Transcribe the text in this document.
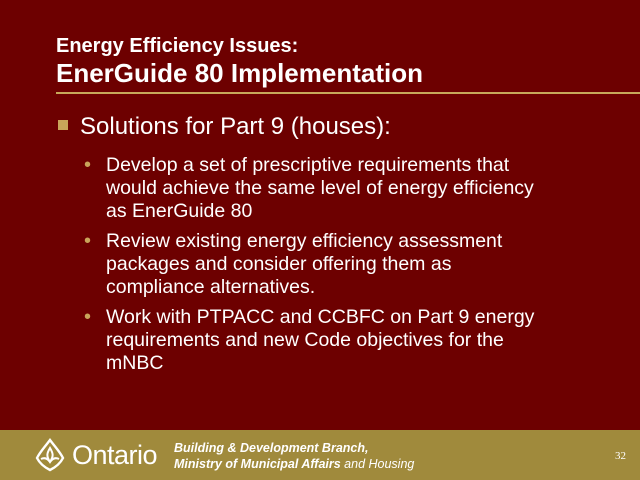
Energy Efficiency Issues:
EnerGuide 80 Implementation
Solutions for Part 9 (houses):
• Develop a set of prescriptive requirements that
would achieve the same level of energy efficiency
as EnerGuide 80
• Review existing energy efficiency assessment
packages and consider offering them as
compliance alternatives.
• Work with PTPACC and CCBFC on Part 9 energy
requirements and new Code objectives for the
mNBC
Ontario Building & Development Branch,
Ministry of Municipal Affairs and Housing
32
